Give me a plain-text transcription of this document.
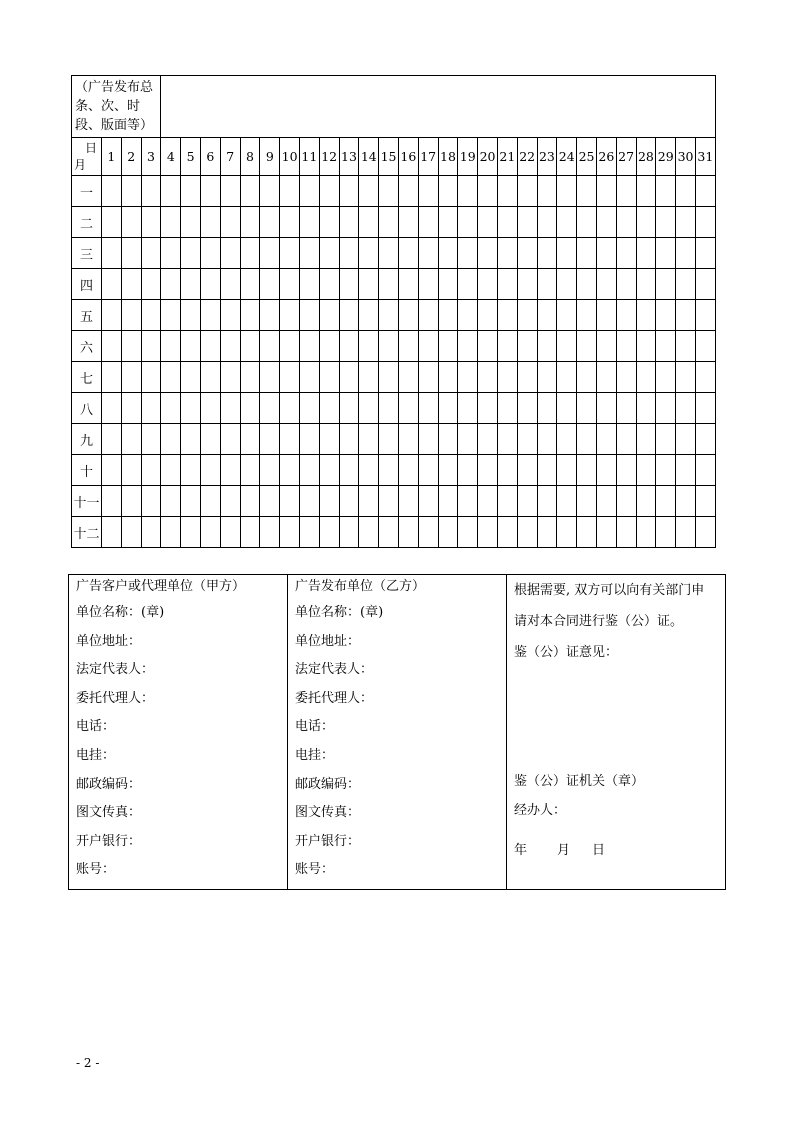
（广告发布总条、次、时段、版面等）																															

日
月	1	2	3	4	5	6	7	8	9	10	11	12	13	14	15	16	17	18	19	20	21	22	23	24	25	26	27	28	29	30	31
一																															
二																															
三																															
四																															
五																															
六																															
七																															
八																															
九																															
十																															
十一																															
十二																															
广告客户或代理单位（甲方）
单位名称：(章)
单位地址：
法定代表人：
委托代理人：
电话：
电挂：
邮政编码：
图文传真：
开户银行：
账号：

广告发布单位（乙方）
单位名称：(章)
单位地址：
法定代表人：
委托代理人：
电话：
电挂：
邮政编码：
图文传真：
开户银行：
账号：

根据需要, 双方可以向有关部门申
请对本合同进行鉴（公）证。
鉴（公）证意见：
鉴（公）证机关（章）
经办人：
年 月 日
- 2 -
